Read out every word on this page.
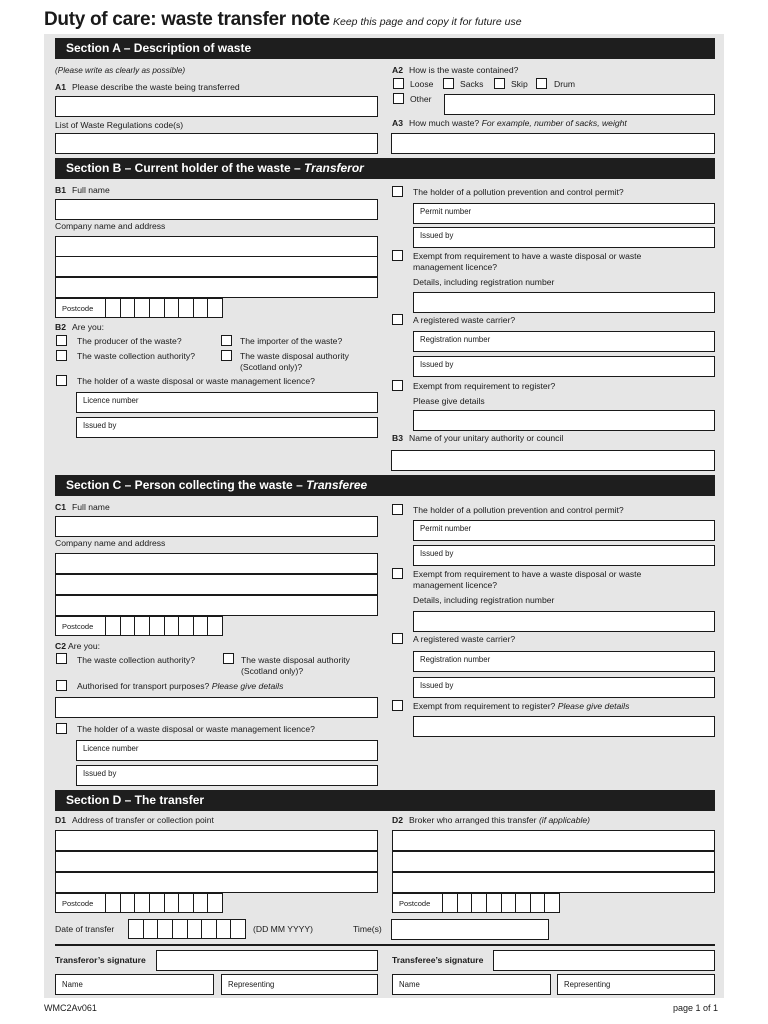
Duty of care: waste transfer note Keep this page and copy it for future use
Section A – Description of waste
(Please write as clearly as possible)
A1 Please describe the waste being transferred
List of Waste Regulations code(s)
A2 How is the waste contained?
Loose	Sacks	Skip	Drum
Other
A3 How much waste? For example, number of sacks, weight
Section B – Current holder of the waste – Transferor
B1 Full name
Company name and address
Postcode
B2 Are you:
The producer of the waste?	The importer of the waste?
The waste collection authority?	The waste disposal authority
(Scotland only)?
The holder of a waste disposal or waste management licence?
Licence number
Issued by
The holder of a pollution prevention and control permit?
Permit number
Issued by
Exempt from requirement to have a waste disposal or waste
management licence?
Details, including registration number
A registered waste carrier?
Registration number
Issued by
Exempt from requirement to register?
Please give details
B3 Name of your unitary authority or council
Section C – Person collecting the waste – Transferee
C1 Full name
Company name and address
Postcode
C2 Are you:
The waste collection authority?	The waste disposal authority
(Scotland only)?
Authorised for transport purposes? Please give details
The holder of a waste disposal or waste management licence?
Licence number
Issued by
The holder of a pollution prevention and control permit?
Permit number
Issued by
Exempt from requirement to have a waste disposal or waste
management licence?
Details, including registration number
A registered waste carrier?
Registration number
Issued by
Exempt from requirement to register? Please give details
Section D – The transfer
D1 Address of transfer or collection point
Postcode
D2 Broker who arranged this transfer (if applicable)
Postcode
Date of transfer	(DD MM YYYY)	Time(s)
Transferor’s signature
Name	Representing
Transferee’s signature
Name	Representing
WMC2Av061	page 1 of 1
